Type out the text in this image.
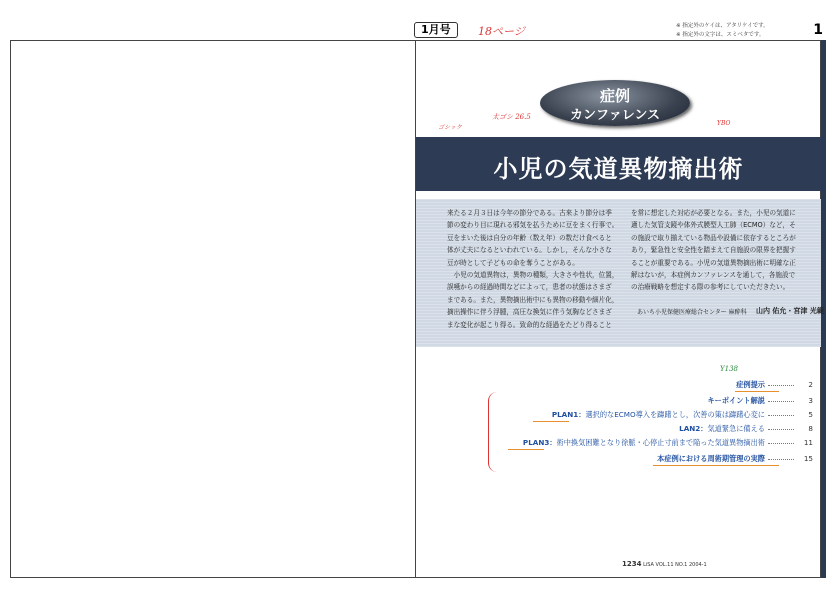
1月号	18ページ	※ 指定外のケイは、アタリケイです。
※ 指定外の文字は、スミベタです。	1
太ゴシ 26.5
ゴシック
YBO
Y138
症例
カンファレンス
小児の気道異物摘出術
来たる２月３日は今年の節分である。古来より節分は季
節の変わり目に現れる邪気を払うために豆をまく行事で。
豆をまいた後は自分の年齢（数え年）の数だけ食べると
体が丈夫になるといわれている。しかし，そんな小さな
豆が時として子どもの命を奪うことがある。
　小児の気道異物は，異物の種類，大きさや性状，位置，
誤嚥からの経過時間などによって，患者の状態はさまざ
まである。また，異物摘出術中にも異物の移動や細片化，
摘出操作に伴う浮腫，高圧な換気に伴う気胸などさまざ
まな変化が起こり得る。致命的な経過をたどり得ること
を常に想定した対応が必要となる。また，小児の気道に
適した気管支鏡や体外式膜型人工肺（ECMO）など，そ
の施設で取り揃えている物品や設備に依存するところが
あり，緊急性と安全性を踏まえて自施設の限界を把握す
ることが重要である。小児の気道異物摘出術に明確な正
解はないが，本症例カンファレンスを通して，各施設で
の治療戦略を想定する際の参考にしていただきたい。
あいち小児保健医療総合センター 麻酔科 山内 佑允・宮津 光範
症例提示	2
キーポイント解説	3
PLAN1：選択的なECMO導入を躊躇とし，次善の策は躊躇心変に	5
LAN2：気道緊急に備える	8
PLAN3：術中換気困難となり徐脈・心停止寸前まで陥った気道異物摘出術	11
本症例における周術期管理の実際	15
1234 LiSA VOL.11 NO.1 2004-1
